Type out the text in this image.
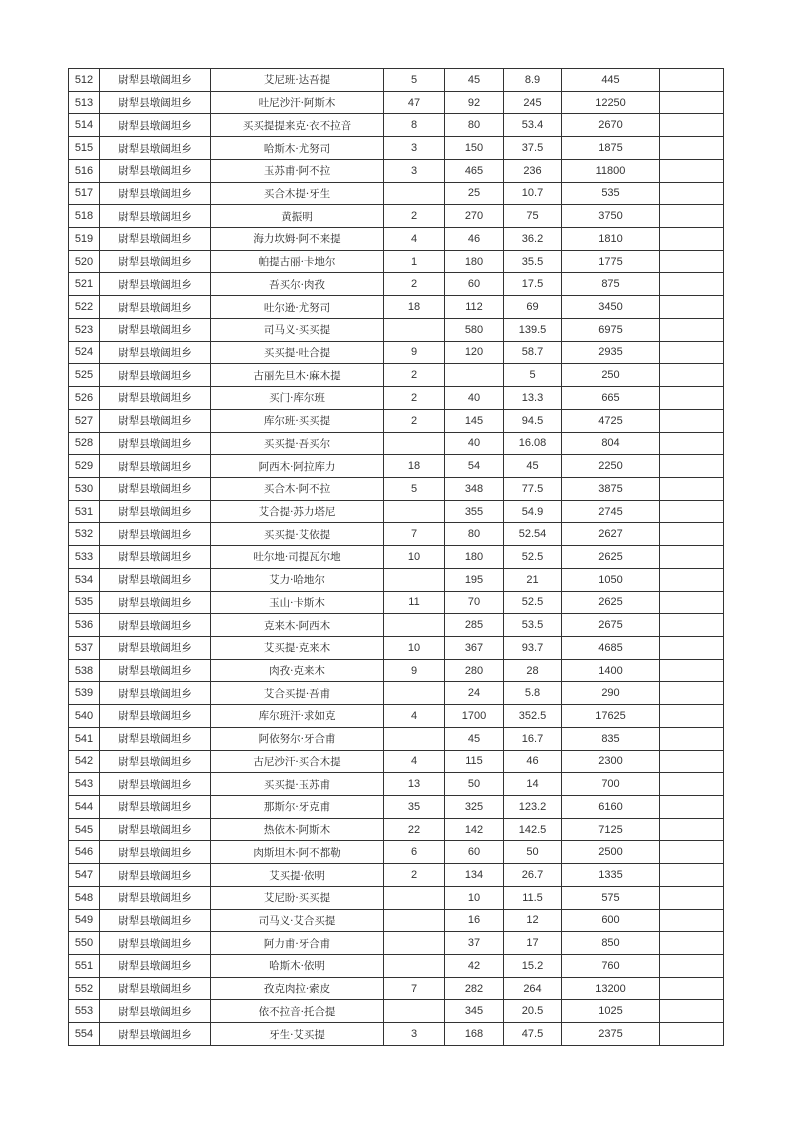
512	尉犁县墩阔坦乡	艾尼班·达吾提	5	45	8.9	445	
513	尉犁县墩阔坦乡	吐尼沙汗·阿斯木	47	92	245	12250	
514	尉犁县墩阔坦乡	买买提提来克·衣不拉音	8	80	53.4	2670	
515	尉犁县墩阔坦乡	哈斯木·尤努司	3	150	37.5	1875	
516	尉犁县墩阔坦乡	玉苏甫·阿不拉	3	465	236	11800	
517	尉犁县墩阔坦乡	买合木提·牙生		25	10.7	535	
518	尉犁县墩阔坦乡	黄振明	2	270	75	3750	
519	尉犁县墩阔坦乡	海力坎姆·阿不来提	4	46	36.2	1810	
520	尉犁县墩阔坦乡	帕提古丽·卡地尔	1	180	35.5	1775	
521	尉犁县墩阔坦乡	吾买尔·肉孜	2	60	17.5	875	
522	尉犁县墩阔坦乡	吐尔逊·尤努司	18	112	69	3450	
523	尉犁县墩阔坦乡	司马义·买买提		580	139.5	6975	
524	尉犁县墩阔坦乡	买买提·吐合提	9	120	58.7	2935	
525	尉犁县墩阔坦乡	古丽先旦木·麻木提	2		5	250	
526	尉犁县墩阔坦乡	买门·库尔班	2	40	13.3	665	
527	尉犁县墩阔坦乡	库尔班·买买提	2	145	94.5	4725	
528	尉犁县墩阔坦乡	买买提·吾买尔		40	16.08	804	
529	尉犁县墩阔坦乡	阿西木·阿拉库力	18	54	45	2250	
530	尉犁县墩阔坦乡	买合木·阿不拉	5	348	77.5	3875	
531	尉犁县墩阔坦乡	艾合提·苏力塔尼		355	54.9	2745	
532	尉犁县墩阔坦乡	买买提·艾依提	7	80	52.54	2627	
533	尉犁县墩阔坦乡	吐尔地·司提瓦尔地	10	180	52.5	2625	
534	尉犁县墩阔坦乡	艾力·哈地尔		195	21	1050	
535	尉犁县墩阔坦乡	玉山·卡斯木	11	70	52.5	2625	
536	尉犁县墩阔坦乡	克来木·阿西木		285	53.5	2675	
537	尉犁县墩阔坦乡	艾买提·克来木	10	367	93.7	4685	
538	尉犁县墩阔坦乡	肉孜·克来木	9	280	28	1400	
539	尉犁县墩阔坦乡	艾合买提·吾甫		24	5.8	290	
540	尉犁县墩阔坦乡	库尔班汗·求如克	4	1700	352.5	17625	
541	尉犁县墩阔坦乡	阿依努尔·牙合甫		45	16.7	835	
542	尉犁县墩阔坦乡	古尼沙汗·买合木提	4	115	46	2300	
543	尉犁县墩阔坦乡	买买提·玉苏甫	13	50	14	700	
544	尉犁县墩阔坦乡	那斯尔·牙克甫	35	325	123.2	6160	
545	尉犁县墩阔坦乡	热依木·阿斯木	22	142	142.5	7125	
546	尉犁县墩阔坦乡	肉斯坦木·阿不都勒	6	60	50	2500	
547	尉犁县墩阔坦乡	艾买提·依明	2	134	26.7	1335	
548	尉犁县墩阔坦乡	艾尼盼·买买提		10	11.5	575	
549	尉犁县墩阔坦乡	司马义·艾合买提		16	12	600	
550	尉犁县墩阔坦乡	阿力甫·牙合甫		37	17	850	
551	尉犁县墩阔坦乡	哈斯木·依明		42	15.2	760	
552	尉犁县墩阔坦乡	孜克肉拉·索皮	7	282	264	13200	
553	尉犁县墩阔坦乡	依不拉音·托合提		345	20.5	1025	
554	尉犁县墩阔坦乡	牙生·艾买提	3	168	47.5	2375	
